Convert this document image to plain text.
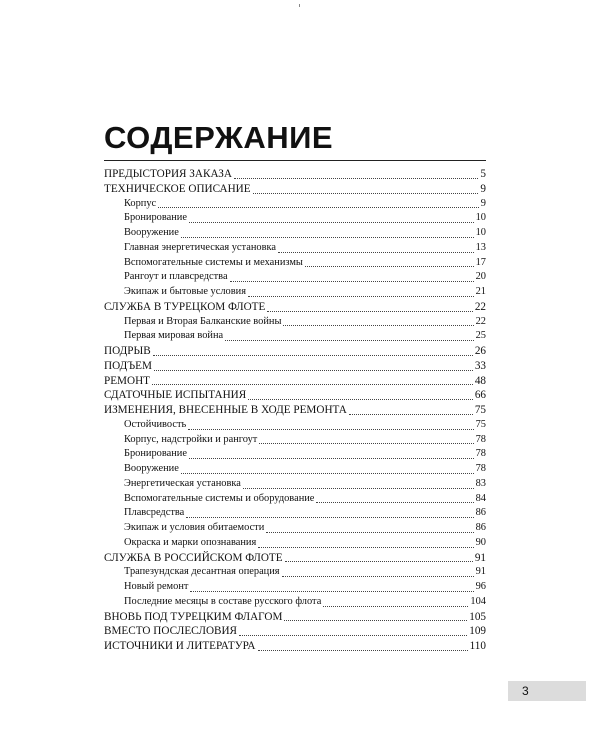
СОДЕРЖАНИЕ
ПРЕДЫСТОРИЯ ЗАКАЗА	5
ТЕХНИЧЕСКОЕ ОПИСАНИЕ	9
Корпус	9
Бронирование	10
Вооружение	10
Главная энергетическая установка	13
Вспомогательные системы и механизмы	17
Рангоут и плавсредства	20
Экипаж и бытовые условия	21
СЛУЖБА В ТУРЕЦКОМ ФЛОТЕ	22
Первая и Вторая Балканские войны	22
Первая мировая война	25
ПОДРЫВ	26
ПОДЪЕМ	33
РЕМОНТ	48
СДАТОЧНЫЕ ИСПЫТАНИЯ	66
ИЗМЕНЕНИЯ, ВНЕСЕННЫЕ В ХОДЕ РЕМОНТА	75
Остойчивость	75
Корпус, надстройки и рангоут	78
Бронирование	78
Вооружение	78
Энергетическая установка	83
Вспомогательные системы и оборудование	84
Плавсредства	86
Экипаж и условия обитаемости	86
Окраска и марки опознавания	90
СЛУЖБА В РОССИЙСКОМ ФЛОТЕ	91
Трапезундская десантная операция	91
Новый ремонт	96
Последние месяцы в составе русского флота	104
ВНОВЬ ПОД ТУРЕЦКИМ ФЛАГОМ	105
ВМЕСТО ПОСЛЕСЛОВИЯ	109
ИСТОЧНИКИ И ЛИТЕРАТУРА	110
3
